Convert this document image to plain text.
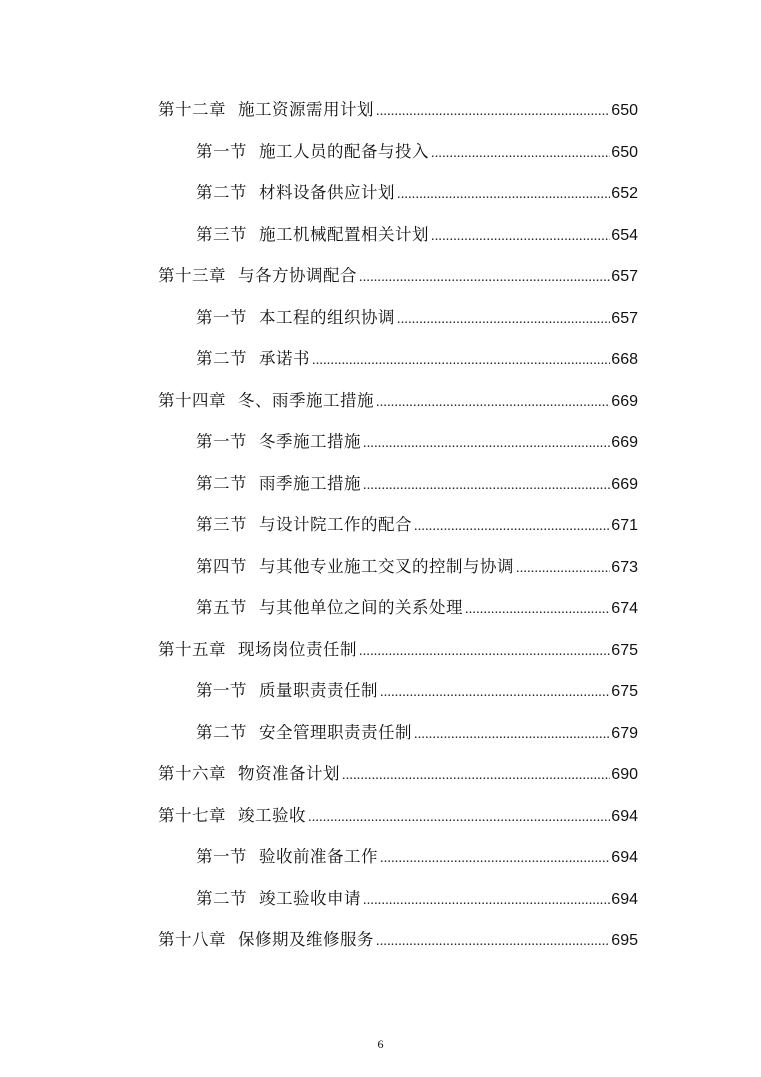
第十二章 施工资源需用计划 .....	650
第一节 施工人员的配备与投入 .....	650
第二节 材料设备供应计划 .....	652
第三节 施工机械配置相关计划 .....	654
第十三章 与各方协调配合 .....	657
第一节 本工程的组织协调 .....	657
第二节 承诺书 .....	668
第十四章 冬、雨季施工措施 .....	669
第一节 冬季施工措施 .....	669
第二节 雨季施工措施 .....	669
第三节 与设计院工作的配合 .....	671
第四节 与其他专业施工交叉的控制与协调 .....	673
第五节 与其他单位之间的关系处理 .....	674
第十五章 现场岗位责任制 .....	675
第一节 质量职责责任制 .....	675
第二节 安全管理职责责任制 .....	679
第十六章 物资准备计划 .....	690
第十七章 竣工验收 .....	694
第一节 验收前准备工作 .....	694
第二节 竣工验收申请 .....	694
第十八章 保修期及维修服务 .....	695
6
